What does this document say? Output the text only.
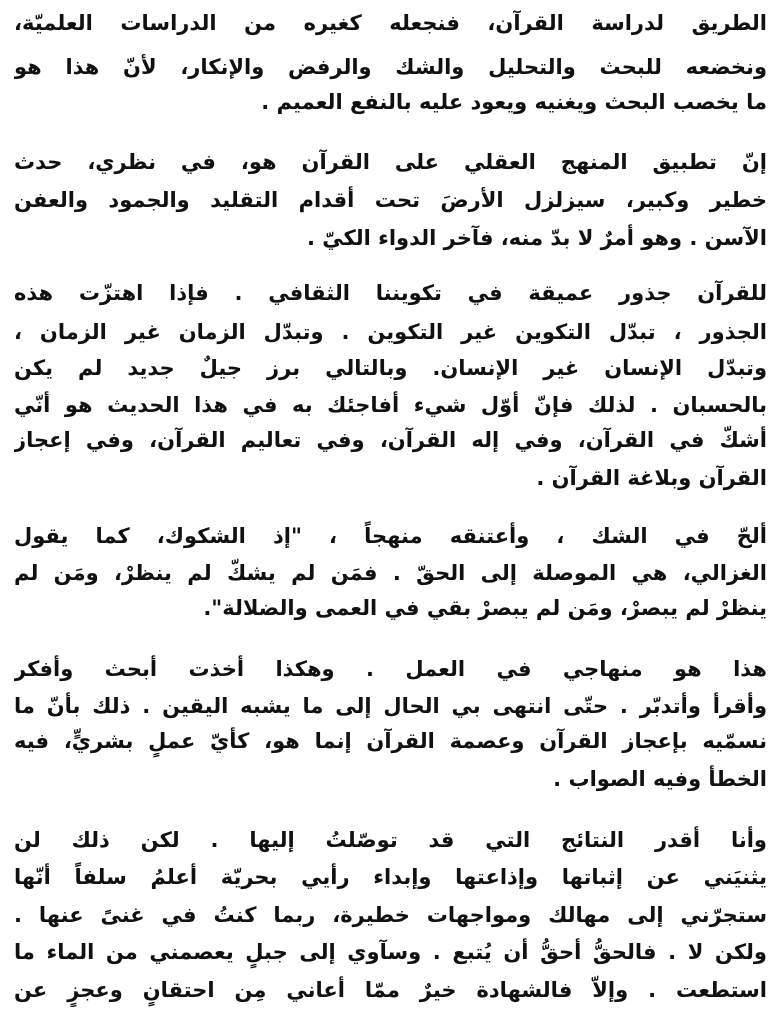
الطريق لدراسة القرآن، فنجعله كغيره من الدراسات العلميّة،
ونخضعه للبحث والتحليل والشك والرفض والإنكار، لأنّ هذا هو
ما يخصب البحث ويغنيه ويعود عليه بالنفع العميم .
إنّ تطبيق المنهج العقلي على القرآن هو، في نظري، حدث
خطير وكبير، سيزلزل الأرضَ تحت أقدام التقليد والجمود والعفن
الآسن . وهو أمرٌ لا بدّ منه، فآخر الدواء الكيّ .
للقرآن جذور عميقة في تكويننا الثقافي . فإذا اهتزّت هذه
الجذور ، تبدّل التكوين غير التكوين . وتبدّل الزمان غير الزمان ،
وتبدّل الإنسان غير الإنسان. وبالتالي برز جيلٌ جديد لم يكن
بالحسبان . لذلك فإنّ أوّل شيء أفاجئك به في هذا الحديث هو أنّي
أشكّ في القرآن، وفي إله القرآن، وفي تعاليم القرآن، وفي إعجاز
القرآن وبلاغة القرآن .
ألحّ في الشك ، وأعتنقه منهجاً ، "إذ الشكوك، كما يقول
الغزالي، هي الموصلة إلى الحقّ . فمَن لم يشكّ لم ينظرْ، ومَن لم
ينظرْ لم يبصرْ، ومَن لم يبصرْ بقي في العمى والضلالة".
هذا هو منهاجي في العمل . وهكذا أخذت أبحث وأفكر
وأقرأ وأتدبّر . حتّى انتهى بي الحال إلى ما يشبه اليقين . ذلك بأنّ ما
نسمّيه بإعجاز القرآن وعصمة القرآن إنما هو، كأيّ عملٍ بشريٍّ، فيه
الخطأ وفيه الصواب .
وأنا أقدر النتائج التي قد توصّلتُ إليها . لكن ذلك لن
يثنيَني عن إثباتها وإذاعتها وإبداء رأيي بحريّة أعلمُ سلفاً أنّها
ستجرّني إلى مهالك ومواجهات خطيرة، ربما كنتُ في غنىً عنها .
ولكن لا . فالحقُّ أحقُّ أن يُتبع . وسآوي إلى جبلٍ يعصمني من الماء ما
استطعت . وإلاّ فالشهادة خيرٌ ممّا أعاني مِن احتقانٍ وعجزٍ عن
